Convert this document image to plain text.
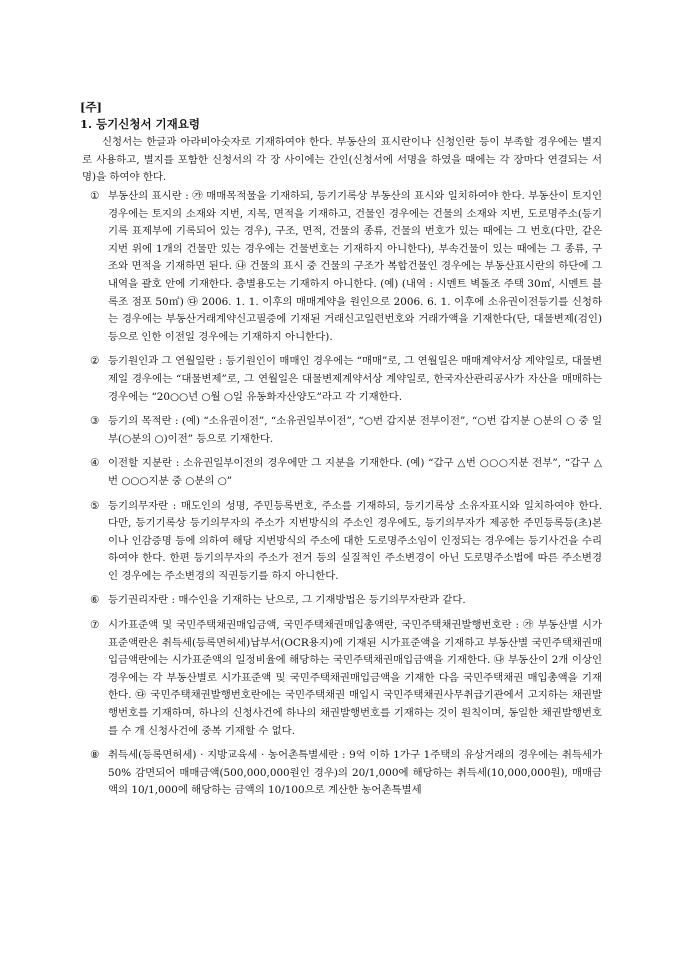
[주]
1. 등기신청서 기재요령

신청서는 한글과 아라비아숫자로 기재하여야 한다. 부동산의 표시란이나 신청인란 등이 부족할 경우에는 별지로 사용하고, 별지를 포함한 신청서의 각 장 사이에는 간인(신청서에 서명을 하였을 때에는 각 장마다 연결되는 서명)을 하여야 한다.

① 부동산의 표시란 : ㉮ 매매목적물을 기재하되, 등기기록상 부동산의 표시와 일치하여야 한다. 부동산이 토지인 경우에는 토지의 소재와 지번, 지목, 면적을 기재하고, 건물인 경우에는 건물의 소재와 지번, 도로명주소(등기기록 표제부에 기록되어 있는 경우), 구조, 면적, 건물의 종류, 건물의 번호가 있는 때에는 그 번호(다만, 같은 지번 위에 1개의 건물만 있는 경우에는 건물번호는 기재하지 아니한다), 부속건물이 있는 때에는 그 종류, 구조와 면적을 기재하면 된다. ㉯ 건물의 표시 중 건물의 구조가 복합건물인 경우에는 부동산표시란의 하단에 그 내역을 괄호 안에 기재한다. 층별용도는 기재하지 아니한다. (예) (내역 : 시멘트 벽돌조 주택 30㎡, 시멘트 블록조 점포 50㎡) ㉰ 2006. 1. 1. 이후의 매매계약을 원인으로 2006. 6. 1. 이후에 소유권이전등기를 신청하는 경우에는 부동산거래계약신고필증에 기재된 거래신고일련번호와 거래가액을 기재한다(단, 대물변제(검인) 등으로 인한 이전일 경우에는 기재하지 아니한다).
② 등기원인과 그 연월일란 : 등기원인이 매매인 경우에는 “매매”로, 그 연월일은 매매계약서상 계약일로, 대물변제일 경우에는 “대물변제”로, 그 연월일은 대물변제계약서상 계약일로, 한국자산관리공사가 자산을 매매하는 경우에는 “20○○년 ○월 ○일 유동화자산양도”라고 각 기재한다.
③ 등기의 목적란 : (예) “소유권이전”, “소유권일부이전”, “○번 갑지분 전부이전”, “○번 갑지분 ○분의 ○ 중 일부(○분의 ○)이전” 등으로 기재한다.
④ 이전할 지분란 : 소유권일부이전의 경우에만 그 지분을 기재한다. (예) “갑구 △번 ○○○지분 전부”, “갑구 △번 ○○○지분 중 ○분의 ○”
⑤ 등기의무자란 : 매도인의 성명, 주민등록번호, 주소를 기재하되, 등기기록상 소유자표시와 일치하여야 한다. 다만, 등기기록상 등기의무자의 주소가 지번방식의 주소인 경우에도, 등기의무자가 제공한 주민등록등(초)본이나 인감증명 등에 의하여 해당 지번방식의 주소에 대한 도로명주소임이 인정되는 경우에는 등기사건을 수리하여야 한다. 한편 등기의무자의 주소가 전거 등의 실질적인 주소변경이 아닌 도로명주소법에 따른 주소변경인 경우에는 주소변경의 직권등기를 하지 아니한다.
⑥ 등기권리자란 : 매수인을 기재하는 난으로, 그 기재방법은 등기의무자란과 같다.
⑦ 시가표준액 및 국민주택채권매입금액, 국민주택채권매입총액란, 국민주택채권발행번호란 : ㉮ 부동산별 시가표준액란은 취득세(등록면허세)납부서(OCR용지)에 기재된 시가표준액을 기재하고 부동산별 국민주택채권매입금액란에는 시가표준액의 일정비율에 해당하는 국민주택채권매입금액을 기재한다. ㉯ 부동산이 2개 이상인 경우에는 각 부동산별로 시가표준액 및 국민주택채권매입금액을 기재한 다음 국민주택채권 매입총액을 기재한다. ㉰ 국민주택채권발행번호란에는 국민주택채권 매입시 국민주택채권사무취급기관에서 고지하는 채권발행번호를 기재하며, 하나의 신청사건에 하나의 채권발행번호를 기재하는 것이 원칙이며, 동일한 채권발행번호를 수 개 신청사건에 중복 기재할 수 없다.
⑧ 취득세(등록면허세) · 지방교육세 · 농어촌특별세란 : 9억 이하 1가구 1주택의 유상거래의 경우에는 취득세가 50% 감면되어 매매금액(500,000,000원인 경우)의 20/1,000에 해당하는 취득세(10,000,000원), 매매금액의 10/1,000에 해당하는 금액의 10/100으로 계산한 농어촌특별세
